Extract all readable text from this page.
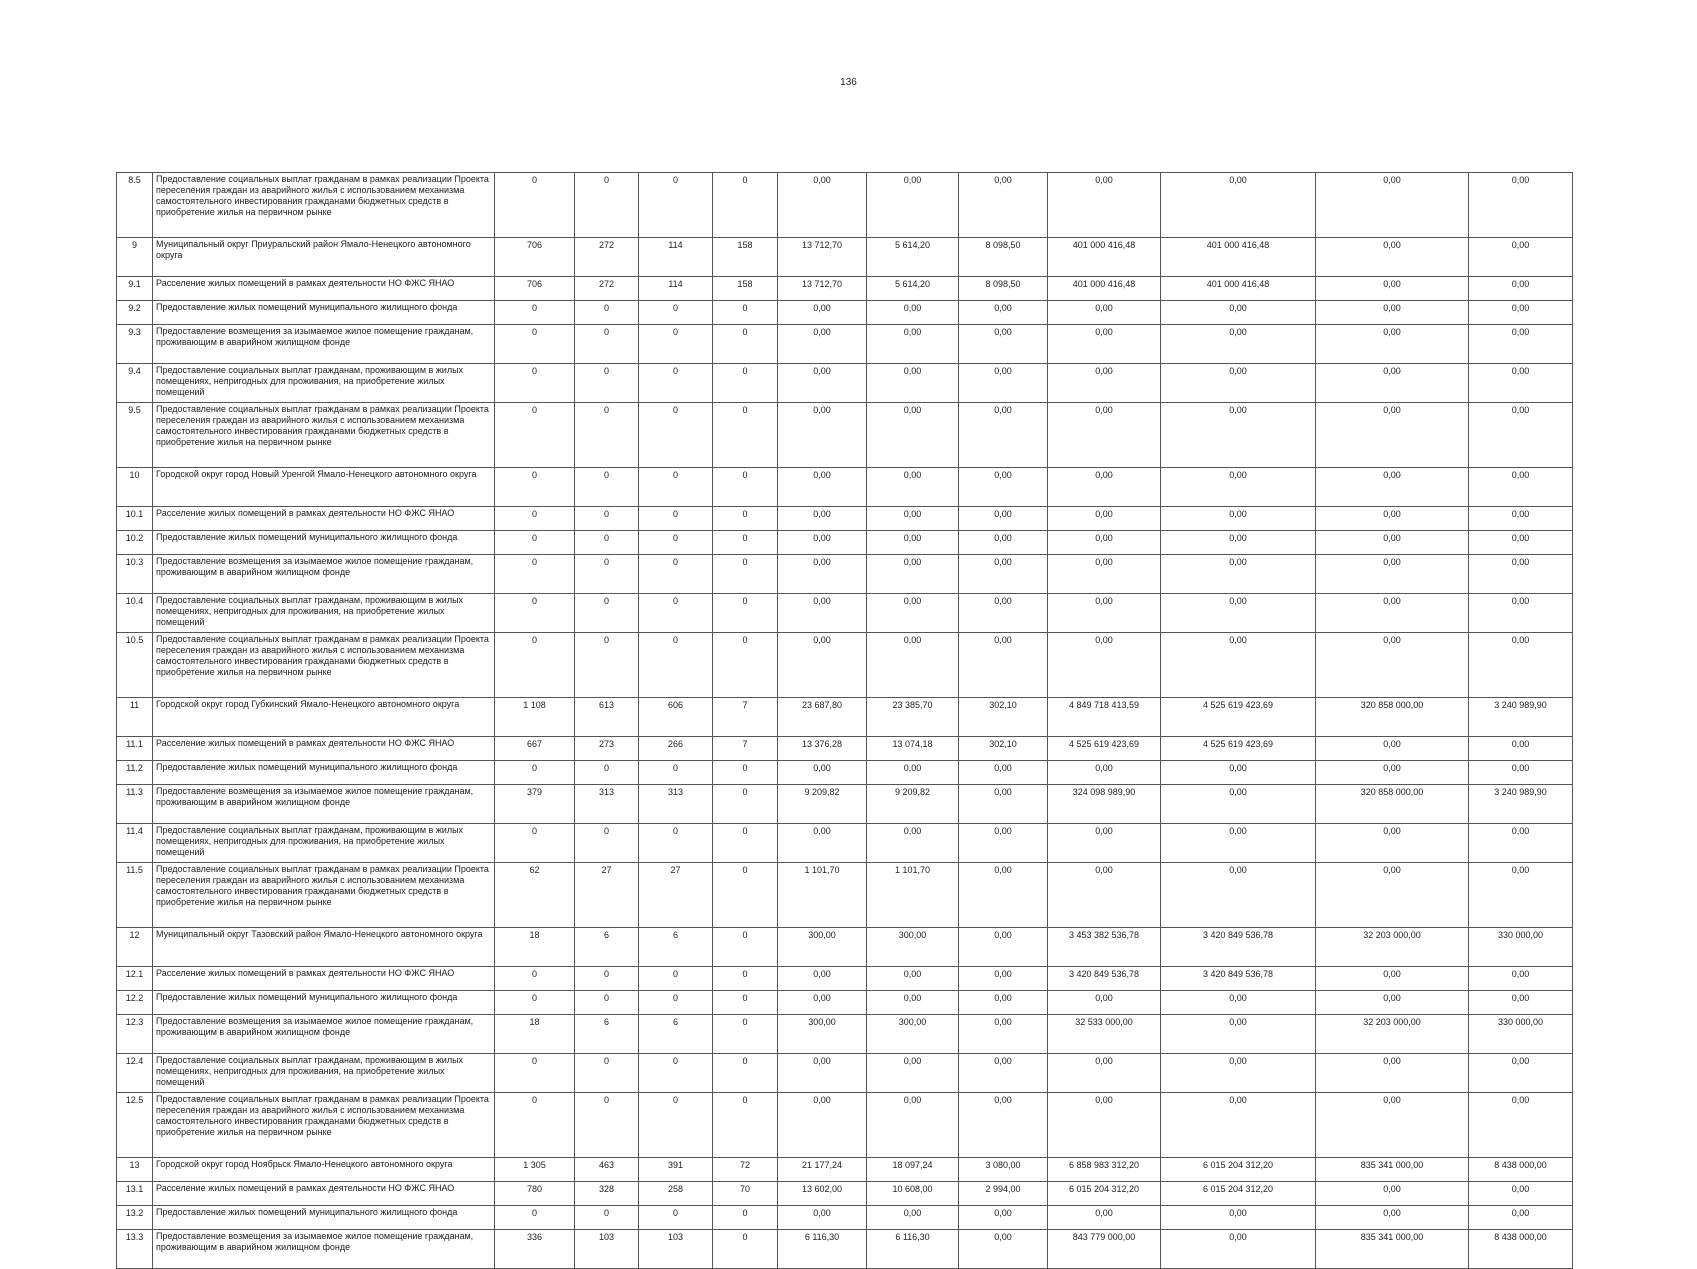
136
8.5	Предоставление социальных выплат гражданам в рамках реализации Проекта переселения граждан из аварийного жилья с использованием механизма самостоятельного инвестирования гражданами бюджетных средств в приобретение жилья на первичном рынке	0	0	0	0	0,00	0,00	0,00	0,00	0,00	0,00	0,00
9	Муниципальный округ Приуральский район Ямало-Ненецкого автономного округа	706	272	114	158	13 712,70	5 614,20	8 098,50	401 000 416,48	401 000 416,48	0,00	0,00
9.1	Расселение жилых помещений в рамках деятельности НО ФЖС ЯНАО	706	272	114	158	13 712,70	5 614,20	8 098,50	401 000 416,48	401 000 416,48	0,00	0,00
9.2	Предоставление жилых помещений муниципального жилищного фонда	0	0	0	0	0,00	0,00	0,00	0,00	0,00	0,00	0,00
9.3	Предоставление возмещения за изымаемое жилое помещение гражданам, проживающим в аварийном жилищном фонде	0	0	0	0	0,00	0,00	0,00	0,00	0,00	0,00	0,00
9.4	Предоставление социальных выплат гражданам, проживающим в жилых помещениях, непригодных для проживания, на приобретение жилых помещений	0	0	0	0	0,00	0,00	0,00	0,00	0,00	0,00	0,00
9.5	Предоставление социальных выплат гражданам в рамках реализации Проекта переселения граждан из аварийного жилья с использованием механизма самостоятельного инвестирования гражданами бюджетных средств в приобретение жилья на первичном рынке	0	0	0	0	0,00	0,00	0,00	0,00	0,00	0,00	0,00
10	Городской округ город Новый Уренгой Ямало-Ненецкого автономного округа	0	0	0	0	0,00	0,00	0,00	0,00	0,00	0,00	0,00
10.1	Расселение жилых помещений в рамках деятельности НО ФЖС ЯНАО	0	0	0	0	0,00	0,00	0,00	0,00	0,00	0,00	0,00
10.2	Предоставление жилых помещений муниципального жилищного фонда	0	0	0	0	0,00	0,00	0,00	0,00	0,00	0,00	0,00
10.3	Предоставление возмещения за изымаемое жилое помещение гражданам, проживающим в аварийном жилищном фонде	0	0	0	0	0,00	0,00	0,00	0,00	0,00	0,00	0,00
10.4	Предоставление социальных выплат гражданам, проживающим в жилых помещениях, непригодных для проживания, на приобретение жилых помещений	0	0	0	0	0,00	0,00	0,00	0,00	0,00	0,00	0,00
10.5	Предоставление социальных выплат гражданам в рамках реализации Проекта переселения граждан из аварийного жилья с использованием механизма самостоятельного инвестирования гражданами бюджетных средств в приобретение жилья на первичном рынке	0	0	0	0	0,00	0,00	0,00	0,00	0,00	0,00	0,00
11	Городской округ город Губкинский Ямало-Ненецкого автономного округа	1 108	613	606	7	23 687,80	23 385,70	302,10	4 849 718 413,59	4 525 619 423,69	320 858 000,00	3 240 989,90
11.1	Расселение жилых помещений в рамках деятельности НО ФЖС ЯНАО	667	273	266	7	13 376,28	13 074,18	302,10	4 525 619 423,69	4 525 619 423,69	0,00	0,00
11.2	Предоставление жилых помещений муниципального жилищного фонда	0	0	0	0	0,00	0,00	0,00	0,00	0,00	0,00	0,00
11.3	Предоставление возмещения за изымаемое жилое помещение гражданам, проживающим в аварийном жилищном фонде	379	313	313	0	9 209,82	9 209,82	0,00	324 098 989,90	0,00	320 858 000,00	3 240 989,90
11.4	Предоставление социальных выплат гражданам, проживающим в жилых помещениях, непригодных для проживания, на приобретение жилых помещений	0	0	0	0	0,00	0,00	0,00	0,00	0,00	0,00	0,00
11.5	Предоставление социальных выплат гражданам в рамках реализации Проекта переселения граждан из аварийного жилья с использованием механизма самостоятельного инвестирования гражданами бюджетных средств в приобретение жилья на первичном рынке	62	27	27	0	1 101,70	1 101,70	0,00	0,00	0,00	0,00	0,00
12	Муниципальный округ Тазовский район Ямало-Ненецкого автономного округа	18	6	6	0	300,00	300,00	0,00	3 453 382 536,78	3 420 849 536,78	32 203 000,00	330 000,00
12.1	Расселение жилых помещений в рамках деятельности НО ФЖС ЯНАО	0	0	0	0	0,00	0,00	0,00	3 420 849 536,78	3 420 849 536,78	0,00	0,00
12.2	Предоставление жилых помещений муниципального жилищного фонда	0	0	0	0	0,00	0,00	0,00	0,00	0,00	0,00	0,00
12.3	Предоставление возмещения за изымаемое жилое помещение гражданам, проживающим в аварийном жилищном фонде	18	6	6	0	300,00	300,00	0,00	32 533 000,00	0,00	32 203 000,00	330 000,00
12.4	Предоставление социальных выплат гражданам, проживающим в жилых помещениях, непригодных для проживания, на приобретение жилых помещений	0	0	0	0	0,00	0,00	0,00	0,00	0,00	0,00	0,00
12.5	Предоставление социальных выплат гражданам в рамках реализации Проекта переселения граждан из аварийного жилья с использованием механизма самостоятельного инвестирования гражданами бюджетных средств в приобретение жилья на первичном рынке	0	0	0	0	0,00	0,00	0,00	0,00	0,00	0,00	0,00
13	Городской округ город Ноябрьск Ямало-Ненецкого автономного округа	1 305	463	391	72	21 177,24	18 097,24	3 080,00	6 858 983 312,20	6 015 204 312,20	835 341 000,00	8 438 000,00
13.1	Расселение жилых помещений в рамках деятельности НО ФЖС ЯНАО	780	328	258	70	13 602,00	10 608,00	2 994,00	6 015 204 312,20	6 015 204 312,20	0,00	0,00
13.2	Предоставление жилых помещений муниципального жилищного фонда	0	0	0	0	0,00	0,00	0,00	0,00	0,00	0,00	0,00
13.3	Предоставление возмещения за изымаемое жилое помещение гражданам, проживающим в аварийном жилищном фонде	336	103	103	0	6 116,30	6 116,30	0,00	843 779 000,00	0,00	835 341 000,00	8 438 000,00
